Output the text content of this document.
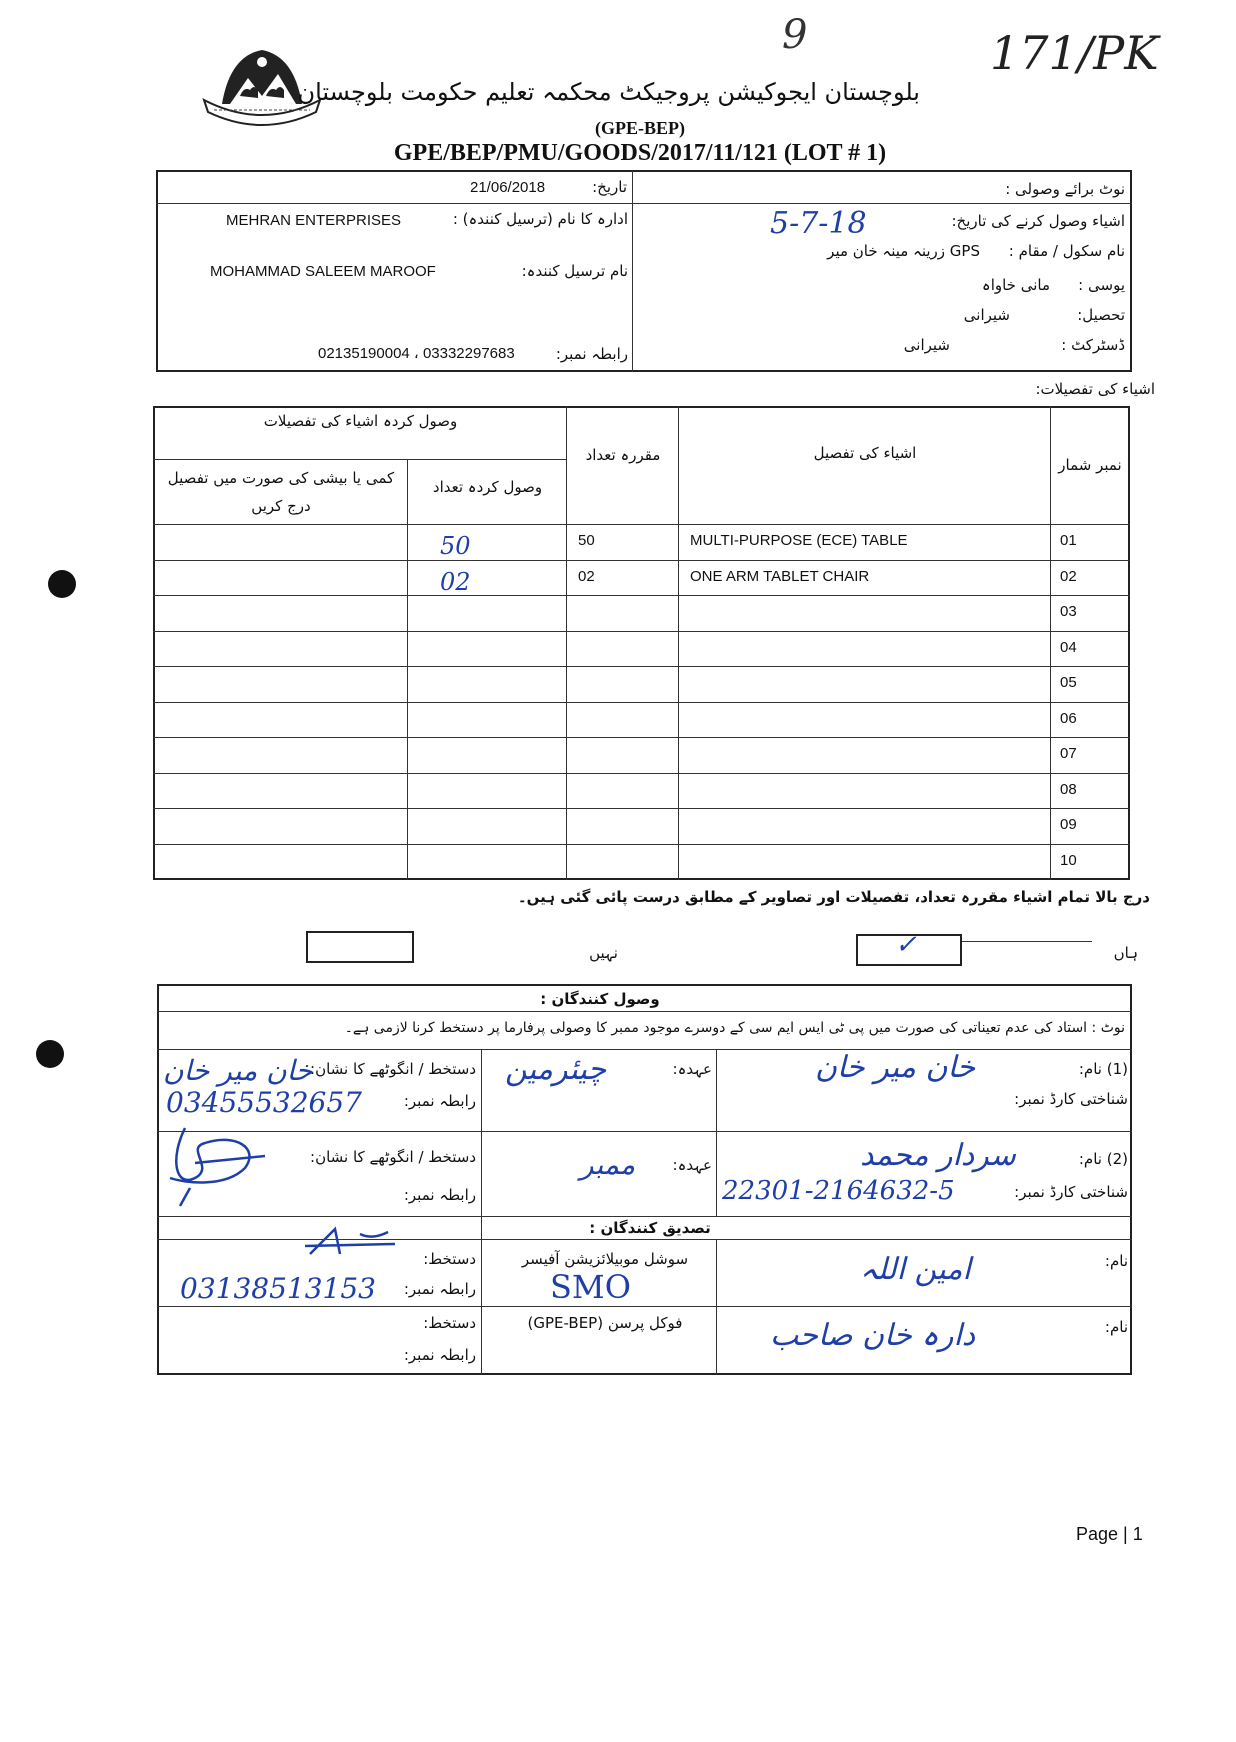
9	171/PK
بلوچستان ایجوکیشن پروجیکٹ محکمہ تعلیم حکومت بلوچستان
(GPE-BEP)
GPE/BEP/PMU/GOODS/2017/11/121 (LOT # 1)
تاریخ:
21/06/2018	نوٹ برائے وصولی :
ادارہ کا نام (ترسیل کنندہ) :
MEHRAN ENTERPRISES
نام ترسیل کنندہ:
MOHAMMAD SALEEM MAROOF
رابطہ نمبر:
02135190004 ، 03332297683
اشیاء وصول کرنے کی تاریخ:
5-7-18
نام سکول / مقام :
GPS زرینہ مینہ خان میر
یوسی :
مانی خاواہ
تحصیل:
شیرانی
ڈسٹرکٹ :
شیرانی
اشیاء کی تفصیلات:
نمبر شمار
اشیاء کی تفصیل
مقررہ تعداد
وصول کردہ اشیاء کی تفصیلات
وصول کردہ تعداد
کمی یا بیشی کی صورت میں تفصیل درج کریں
01
MULTI-PURPOSE (ECE) TABLE
50
50
02
ONE ARM TABLET CHAIR
02
02
03
04
05
06
07
08
09
10
درج بالا تمام اشیاء مقررہ تعداد، تفصیلات اور تصاویر کے مطابق درست پائی گئی ہیں۔
ہاں
✓
نہیں
وصول کنندگان :
نوٹ : استاد کی عدم تعیناتی کی صورت میں پی ٹی ایس ایم سی کے دوسرے موجود ممبر کا وصولی پرفارما پر دستخط کرنا لازمی ہے۔
(1) نام:
خان میر خان
شناختی کارڈ نمبر:
عہدہ:
چیئرمین
دستخط / انگوٹھے کا نشان:
خان میر خان
رابطہ نمبر:
03455532657
(2) نام:
سردار محمد
شناختی کارڈ نمبر:
22301-2164632-5
عہدہ:
ممبر
دستخط / انگوٹھے کا نشان:
رابطہ نمبر:
تصدیق کنندگان :
نام:
امین اللہ
سوشل موبیلائزیشن آفیسر
SMO
دستخط:
رابطہ نمبر:
03138513153
نام:
دارہ خان صاحب
فوکل پرسن (GPE-BEP)
دستخط:
رابطہ نمبر:
Page | 1
